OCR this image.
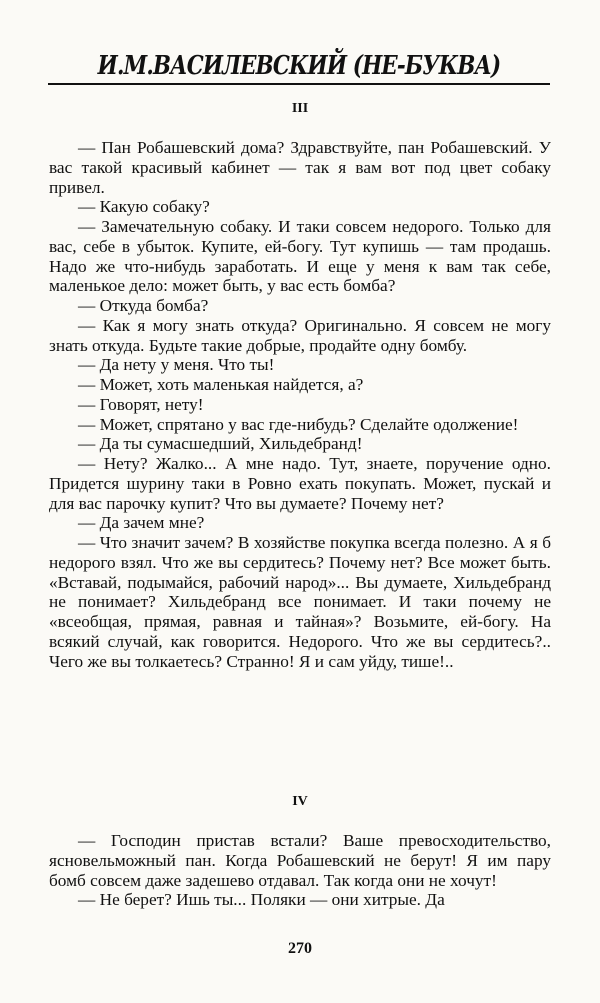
И.М.ВАСИЛЕВСКИЙ (НЕ-БУКВА)
III

— Пан Робашевский дома? Здравствуйте, пан Робашевский. У вас такой красивый кабинет — так я вам вот под цвет собаку привел.

— Какую собаку?

— Замечательную собаку. И таки совсем недорого. Только для вас, себе в убыток. Купите, ей-богу. Тут купишь — там продашь. Надо же что-нибудь заработать. И еще у меня к вам так себе, маленькое дело: может быть, у вас есть бомба?

— Откуда бомба?

— Как я могу знать откуда? Оригинально. Я совсем не могу знать откуда. Будьте такие добрые, продайте одну бомбу.

— Да нету у меня. Что ты!

— Может, хоть маленькая найдется, а?

— Говорят, нету!

— Может, спрятано у вас где-нибудь? Сделайте одолжение!

— Да ты сумасшедший, Хильдебранд!

— Нету? Жалко... А мне надо. Тут, знаете, поручение одно. Придется шурину таки в Ровно ехать покупать. Может, пускай и для вас парочку купит? Что вы думаете? Почему нет?

— Да зачем мне?

— Что значит зачем? В хозяйстве покупка всегда полезно. А я б недорого взял. Что же вы сердитесь? Почему нет? Все может быть. «Вставай, подымайся, рабочий народ»... Вы думаете, Хильдебранд не понимает? Хильдебранд все понимает. И таки почему не «всеобщая, прямая, равная и тайная»? Возьмите, ей-богу. На всякий случай, как говорится. Недорого. Что же вы сердитесь?.. Чего же вы толкаетесь? Странно! Я и сам уйду, тише!..

IV

— Господин пристав встали? Ваше превосходительство, ясновельможный пан. Когда Робашевский не берут! Я им пару бомб совсем даже задешево отдавал. Так когда они не хочут!

— Не берет? Ишь ты... Поляки — они хитрые. Да

270
